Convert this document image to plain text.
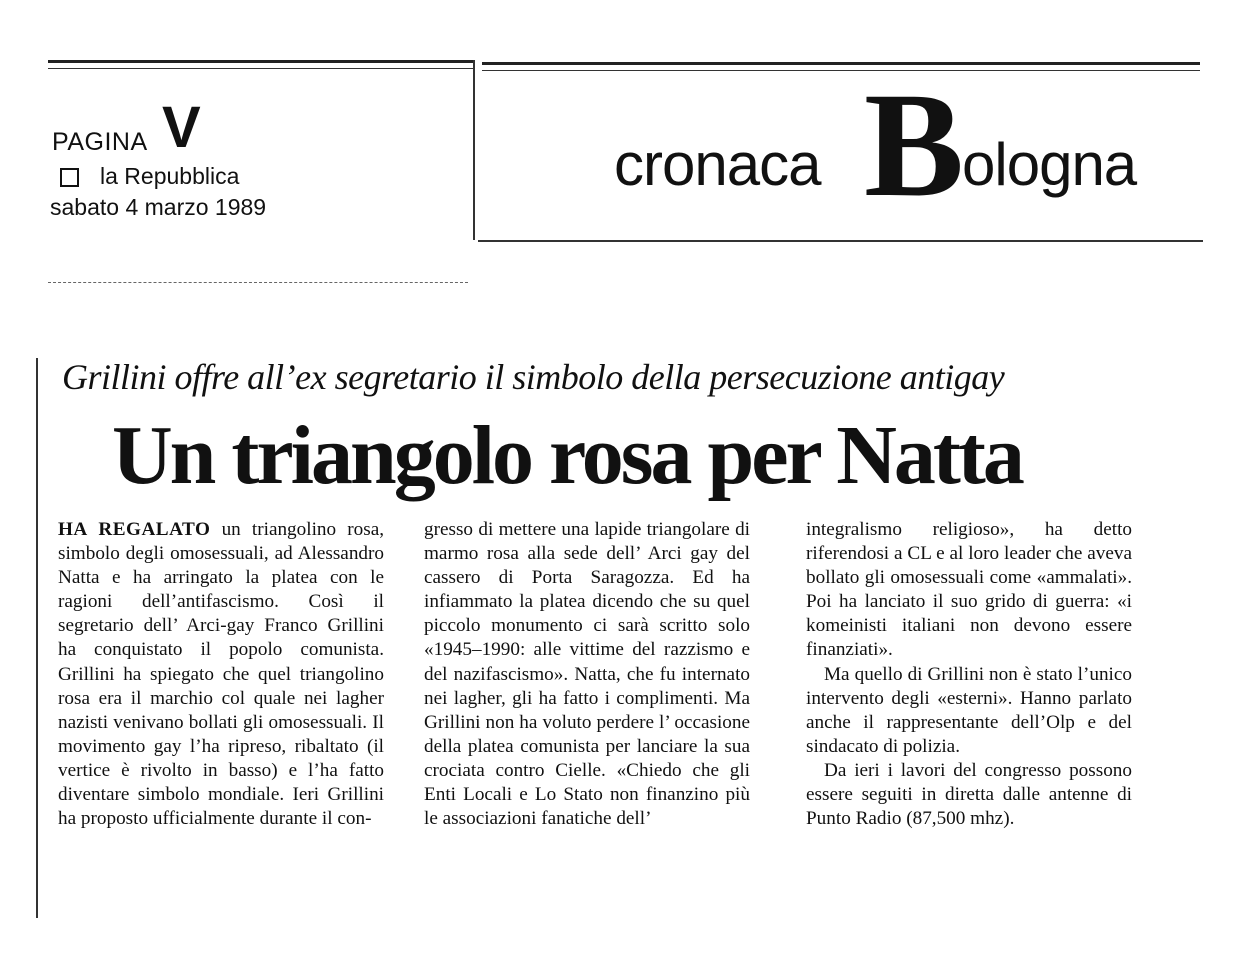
PAGINA V
la Repubblica
sabato 4 marzo 1989
cronaca B
ologna
Grillini offre all’ex segretario il simbolo della persecuzione antigay
Un triangolo rosa per Natta

HA REGALATO un triangolino rosa, simbolo degli omosessuali, ad Alessandro Natta e ha arringato la platea con le ragioni dell’antifascismo. Così il segretario dell’ Arci-gay Franco Grillini ha conquistato il popolo comunista. Grillini ha spiegato che quel triangolino rosa era il marchio col quale nei lagher nazisti venivano bollati gli omosessuali. Il movimento gay l’ha ripreso, ribaltato (il vertice è rivolto in basso) e l’ha fatto diventare simbolo mondiale. Ieri Grillini ha proposto ufficialmente durante il con-

gresso di mettere una lapide triangolare di marmo rosa alla sede dell’ Arci gay del cassero di Porta Saragozza. Ed ha infiammato la platea dicendo che su quel piccolo monumento ci sarà scritto solo «1945–1990: alle vittime del razzismo e del nazifascismo». Natta, che fu internato nei lagher, gli ha fatto i complimenti. Ma Grillini non ha voluto perdere l’ occasione della platea comunista per lanciare la sua crociata contro Cielle. «Chiedo che gli Enti Locali e Lo Stato non finanzino più le associazioni fanatiche dell’

integralismo religioso», ha detto riferendosi a CL e al loro leader che aveva bollato gli omosessuali come «ammalati». Poi ha lanciato il suo grido di guerra: «i komeinisti italiani non devono essere finanziati».

Ma quello di Grillini non è stato l’unico intervento degli «esterni». Hanno parlato anche il rappresentante dell’Olp e del sindacato di polizia.

Da ieri i lavori del congresso possono essere seguiti in diretta dalle antenne di Punto Radio (87,500 mhz).
